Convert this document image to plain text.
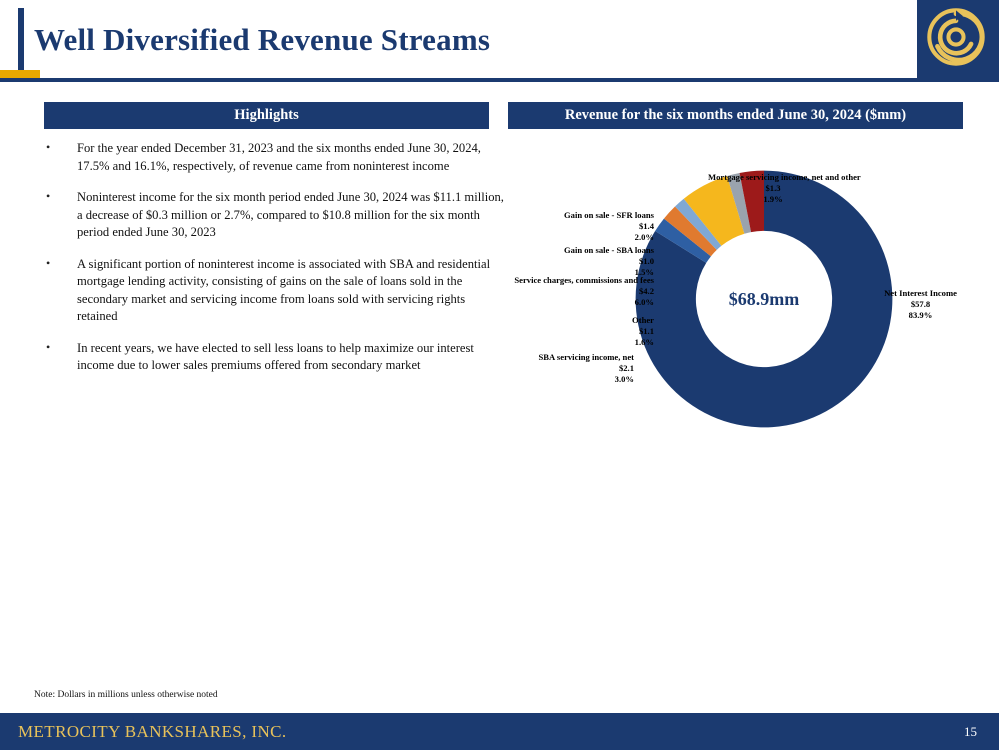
Well Diversified Revenue Streams
Highlights
•	For the year ended December 31, 2023 and the six months ended June 30, 2024, 17.5% and 16.1%, respectively, of revenue came from noninterest income
•	Noninterest income for the six month period ended June 30, 2024 was $11.1 million, a decrease of $0.3 million or 2.7%, compared to $10.8 million for the six month period ended June 30, 2023
•	A significant portion of noninterest income is associated with SBA and residential mortgage lending activity, consisting of gains on the sale of loans sold in the secondary market and servicing income from loans sold with servicing rights retained
•	In recent years, we have elected to sell less loans to help maximize our interest income due to lower sales premiums offered from secondary market
Revenue for the six months ended June 30, 2024 ($mm)
$68.9mm
Mortgage servicing income, net and other
$1.3
1.9%
Gain on sale - SFR loans
$1.4
2.0%
Gain on sale - SBA loans
$1.0
1.5%
Service charges, commissions and fees
$4.2
6.0%
Other
$1.1
1.6%
SBA servicing income, net
$2.1
3.0%
Net Interest Income
$57.8
83.9%
Note: Dollars in millions unless otherwise noted
METROCITY BANKSHARES, INC.	15
